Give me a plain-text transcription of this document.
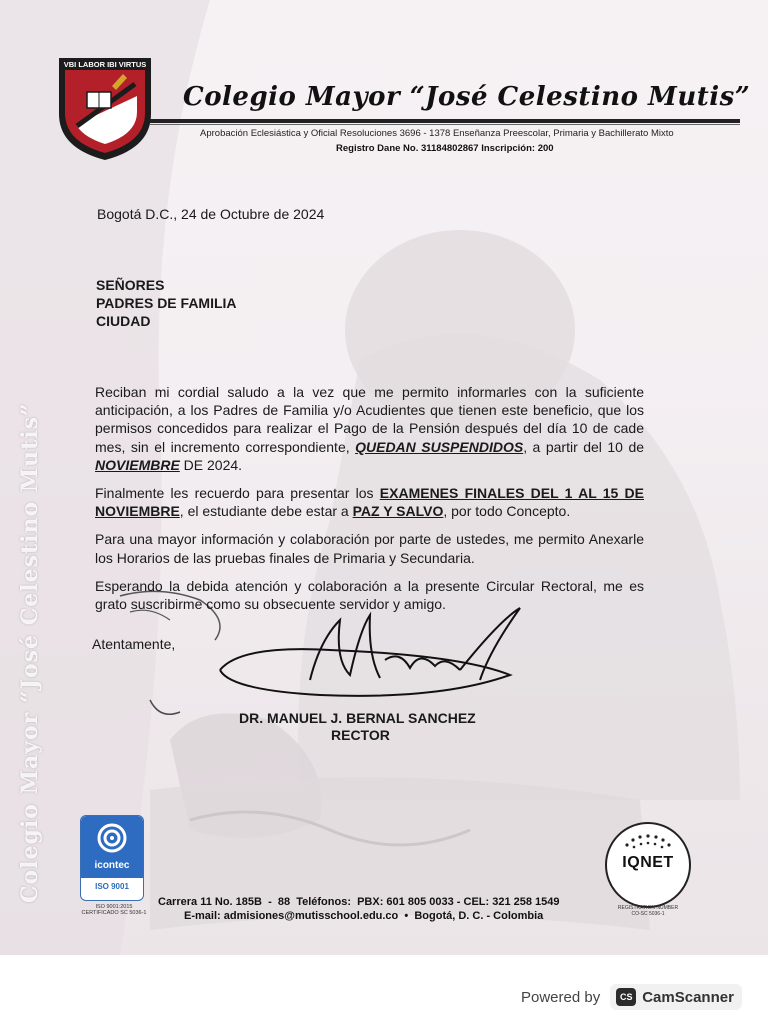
Colegio Mayor “José Celestino Mutis”
VBI LABOR IBI VIRTUS
Colegio Mayor “José Celestino Mutis”
Aprobación Eclesiástica y Oficial Resoluciones 3696 - 1378 Enseñanza Preescolar, Primaria y Bachillerato Mixto
Registro Dane No. 31184802867 Inscripción: 200
Bogotá D.C., 24 de Octubre de 2024
SEÑORES
PADRES DE FAMILIA
CIUDAD

Reciban mi cordial saludo a la vez que me permito informarles con la suficiente anticipación, a los Padres de Familia y/o Acudientes que tienen este beneficio, que los permisos concedidos para realizar el Pago de la Pensión después del día 10 de cade mes, sin el incremento correspondiente, QUEDAN SUSPENDIDOS, a partir del 10 de NOVIEMBRE DE 2024.

Finalmente les recuerdo para presentar los EXAMENES FINALES DEL 1 AL 15 DE NOVIEMBRE, el estudiante debe estar a PAZ Y SALVO, por todo Concepto.

Para una mayor información y colaboración por parte de ustedes, me permito Anexarle los Horarios de las pruebas finales de Primaria y Secundaria.

Esperando la debida atención y colaboración a la presente Circular Rectoral, me es grato suscribirme como su obsecuente servidor y amigo.

Atentamente,
DR. MANUEL J. BERNAL SANCHEZ
RECTOR
icontec
ISO 9001
ISO 9001:2015
CERTIFICADO SC 5036-1
IQNET
REGISTRATION NUMBER
CO-SC 5036-1
Carrera 11 No. 185B  -  88  Teléfonos:  PBX: 601 805 0033 - CEL: 321 258 1549
E-mail: admisiones@mutisschool.edu.co  •  Bogotá, D. C. - Colombia
Powered by	CS CamScanner
